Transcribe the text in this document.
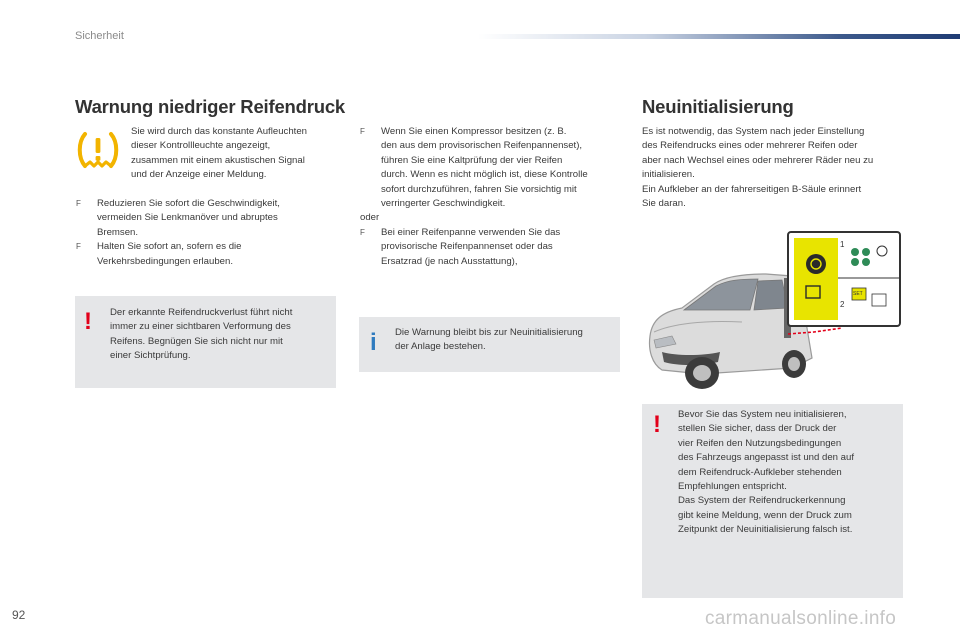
Sicherheit
Warnung niedriger Reifendruck
Sie wird durch das konstante Aufleuchten
dieser Kontrollleuchte angezeigt,
zusammen mit einem akustischen Signal
und der Anzeige einer Meldung.
F Reduzieren Sie sofort die Geschwindigkeit,
vermeiden Sie Lenkmanöver und abruptes
Bremsen.
F Halten Sie sofort an, sofern es die
Verkehrsbedingungen erlauben.
! Der erkannte Reifendruckverlust führt nicht
immer zu einer sichtbaren Verformung des
Reifens. Begnügen Sie sich nicht nur mit
einer Sichtprüfung.
F Wenn Sie einen Kompressor besitzen (z. B.
den aus dem provisorischen Reifenpannenset),
führen Sie eine Kaltprüfung der vier Reifen
durch. Wenn es nicht möglich ist, diese Kontrolle
sofort durchzuführen, fahren Sie vorsichtig mit
verringerter Geschwindigkeit.
oder
F Bei einer Reifenpanne verwenden Sie das
provisorische Reifenpannenset oder das
Ersatzrad (je nach Ausstattung),
i Die Warnung bleibt bis zur Neuinitialisierung
der Anlage bestehen.
Neuinitialisierung
Es ist notwendig, das System nach jeder Einstellung
des Reifendrucks eines oder mehrerer Reifen oder
aber nach Wechsel eines oder mehrerer Räder neu zu
initialisieren.
Ein Aufkleber an der fahrerseitigen B-Säule erinnert
Sie daran.
1
2
SET
! Bevor Sie das System neu initialisieren,
stellen Sie sicher, dass der Druck der
vier Reifen den Nutzungsbedingungen
des Fahrzeugs angepasst ist und den auf
dem Reifendruck-Aufkleber stehenden
Empfehlungen entspricht.
Das System der Reifendruckerkennung
gibt keine Meldung, wenn der Druck zum
Zeitpunkt der Neuinitialisierung falsch ist.
92	carmanualsonline.info
